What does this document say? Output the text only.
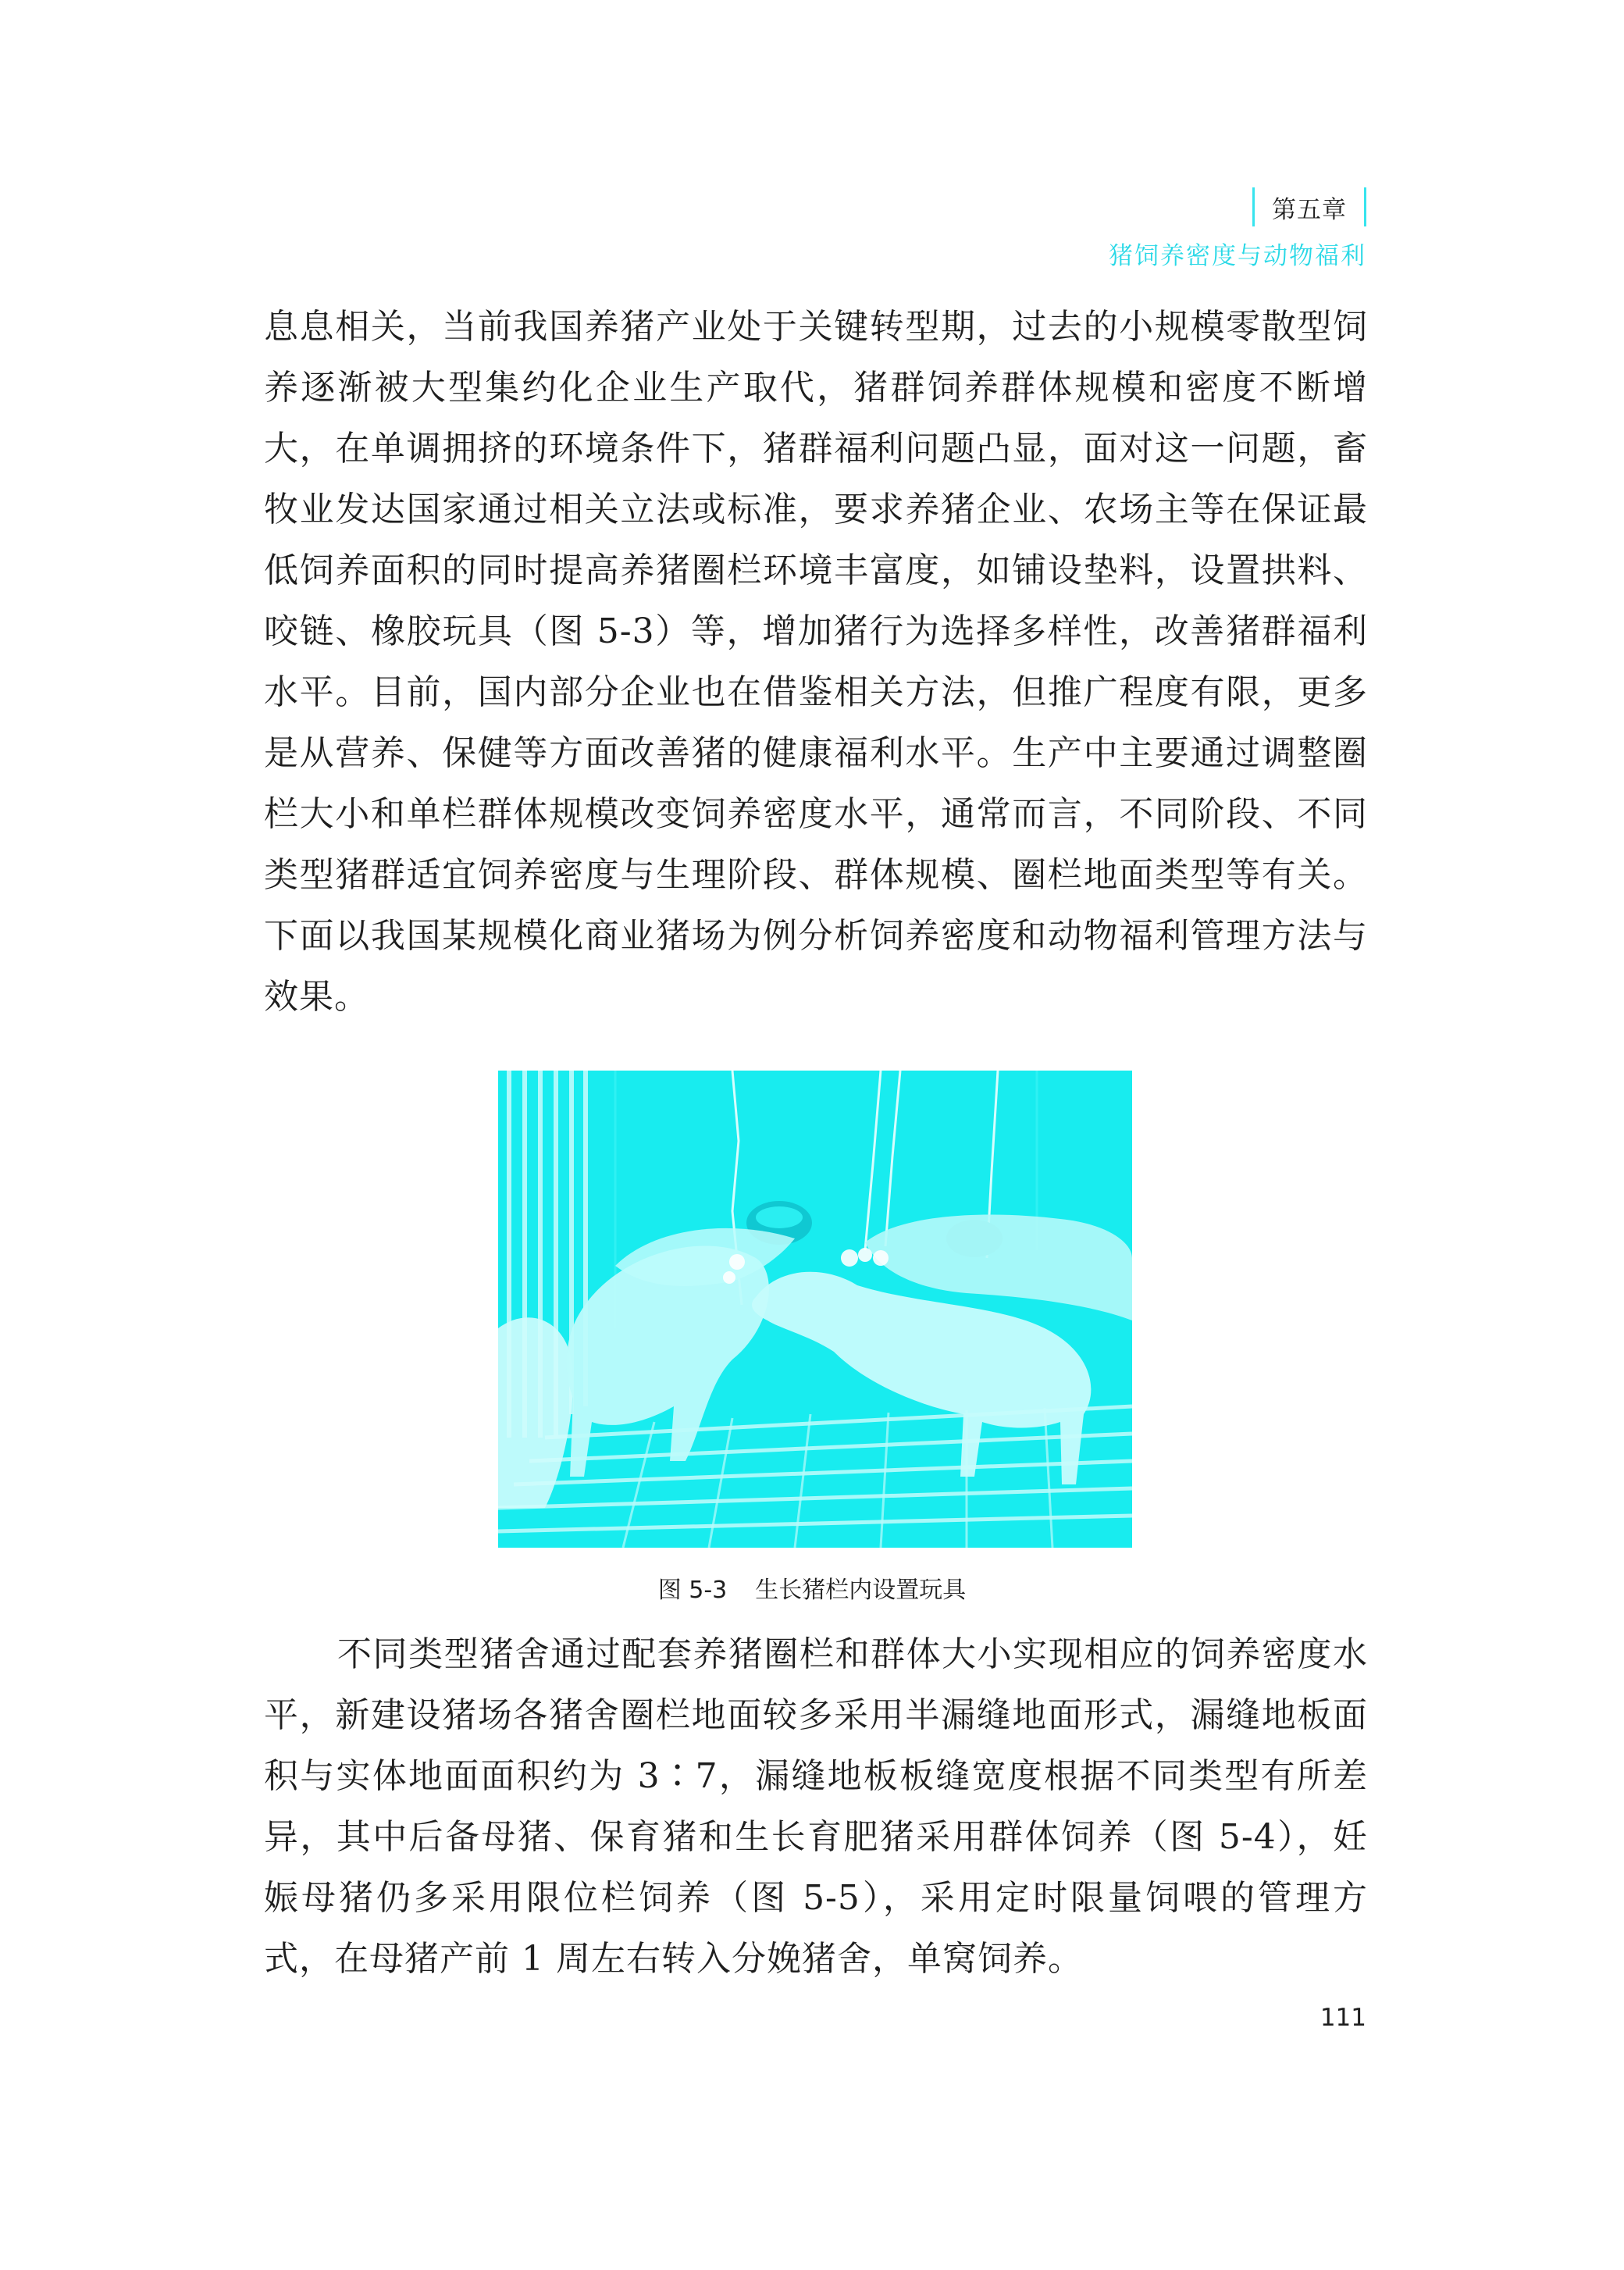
第五章
猪饲养密度与动物福利

息息相关，当前我国养猪产业处于关键转型期，过去的小规模零散型饲养逐渐被大型集约化企业生产取代，猪群饲养群体规模和密度不断增大，在单调拥挤的环境条件下，猪群福利问题凸显，面对这一问题，畜牧业发达国家通过相关立法或标准，要求养猪企业、农场主等在保证最低饲养面积的同时提高养猪圈栏环境丰富度，如铺设垫料，设置拱料、咬链、橡胶玩具（图 5-3）等，增加猪行为选择多样性，改善猪群福利水平。目前，国内部分企业也在借鉴相关方法，但推广程度有限，更多是从营养、保健等方面改善猪的健康福利水平。生产中主要通过调整圈栏大小和单栏群体规模改变饲养密度水平，通常而言，不同阶段、不同类型猪群适宜饲养密度与生理阶段、群体规模、圈栏地面类型等有关。下面以我国某规模化商业猪场为例分析饲养密度和动物福利管理方法与效果。

图 5-3 生长猪栏内设置玩具

不同类型猪舍通过配套养猪圈栏和群体大小实现相应的饲养密度水平，新建设猪场各猪舍圈栏地面较多采用半漏缝地面形式，漏缝地板面积与实体地面面积约为 3∶7，漏缝地板板缝宽度根据不同类型有所差异，其中后备母猪、保育猪和生长育肥猪采用群体饲养（图 5-4），妊娠母猪仍多采用限位栏饲养（图 5-5），采用定时限量饲喂的管理方式，在母猪产前 1 周左右转入分娩猪舍，单窝饲养。

111
